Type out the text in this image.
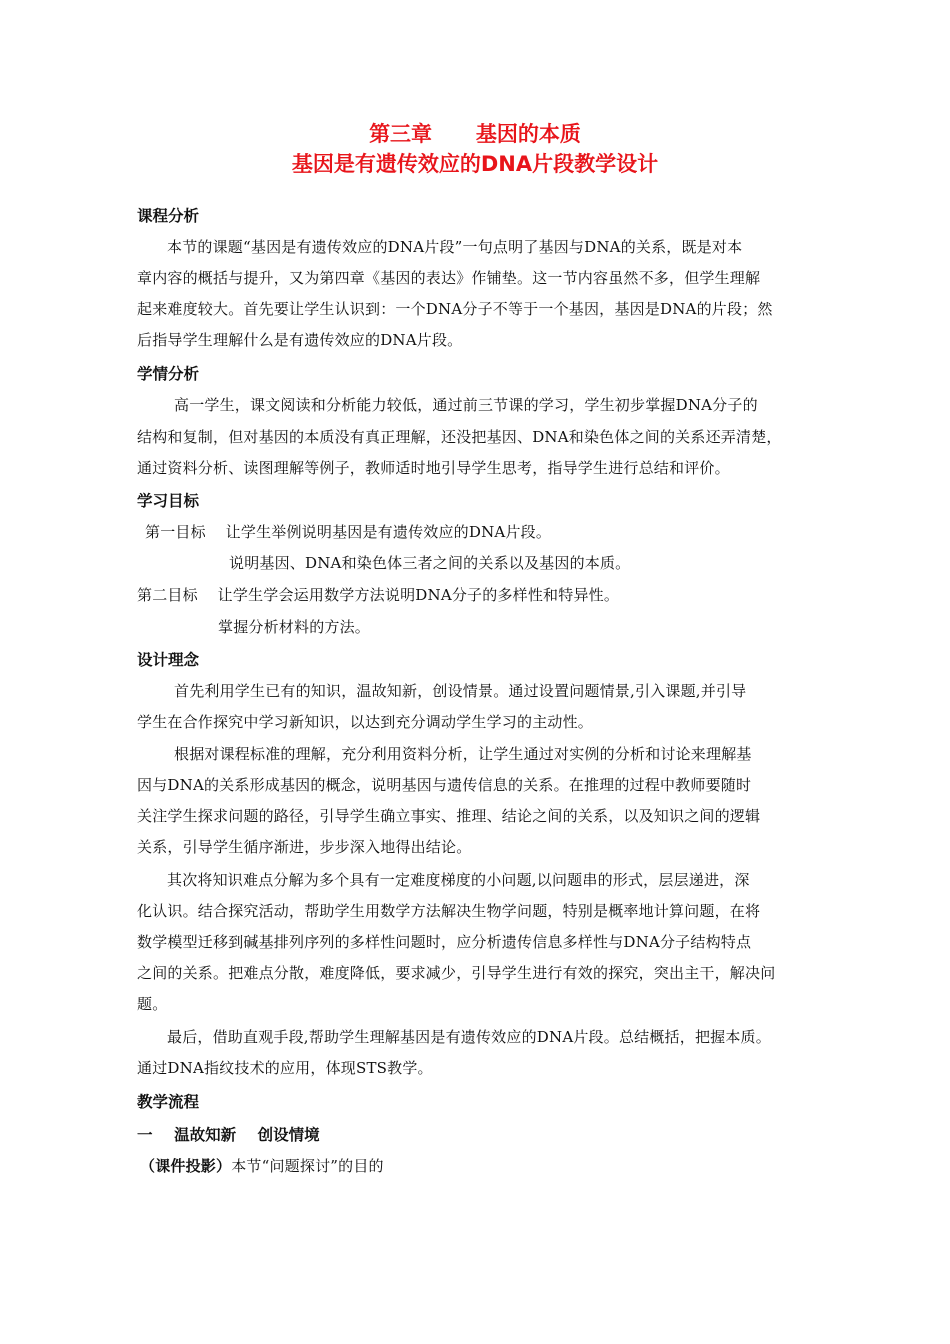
第三章      基因的本质
基因是有遗传效应的DNA片段教学设计
课程分析
本节的课题“基因是有遗传效应的DNA片段”一句点明了基因与DNA的关系，既是对本
章内容的概括与提升，又为第四章《基因的表达》作铺垫。这一节内容虽然不多，但学生理解
起来难度较大。首先要让学生认识到：一个DNA分子不等于一个基因，基因是DNA的片段；然
后指导学生理解什么是有遗传效应的DNA片段。
学情分析
高一学生，课文阅读和分析能力较低，通过前三节课的学习，学生初步掌握DNA分子的
结构和复制，但对基因的本质没有真正理解，还没把基因、DNA和染色体之间的关系还弄清楚，
通过资料分析、读图理解等例子，教师适时地引导学生思考，指导学生进行总结和评价。
学习目标
第一目标    让学生举例说明基因是有遗传效应的DNA片段。
说明基因、DNA和染色体三者之间的关系以及基因的本质。
第二目标    让学生学会运用数学方法说明DNA分子的多样性和特异性。
掌握分析材料的方法。
设计理念
首先利用学生已有的知识，温故知新，创设情景。通过设置问题情景,引入课题,并引导
学生在合作探究中学习新知识，以达到充分调动学生学习的主动性。
根据对课程标准的理解，充分利用资料分析，让学生通过对实例的分析和讨论来理解基
因与DNA的关系形成基因的概念，说明基因与遗传信息的关系。在推理的过程中教师要随时
关注学生探求问题的路径，引导学生确立事实、推理、结论之间的关系，以及知识之间的逻辑
关系，引导学生循序渐进，步步深入地得出结论。
其次将知识难点分解为多个具有一定难度梯度的小问题,以问题串的形式，层层递进，深
化认识。结合探究活动，帮助学生用数学方法解决生物学问题，特别是概率地计算问题，在将
数学模型迁移到碱基排列序列的多样性问题时，应分析遗传信息多样性与DNA分子结构特点
之间的关系。把难点分散，难度降低，要求减少，引导学生进行有效的探究，突出主干，解决问
题。
最后，借助直观手段,帮助学生理解基因是有遗传效应的DNA片段。总结概括，把握本质。
通过DNA指纹技术的应用，体现STS教学。
教学流程
一    温故知新    创设情境
（课件投影）本节“问题探讨”的目的
